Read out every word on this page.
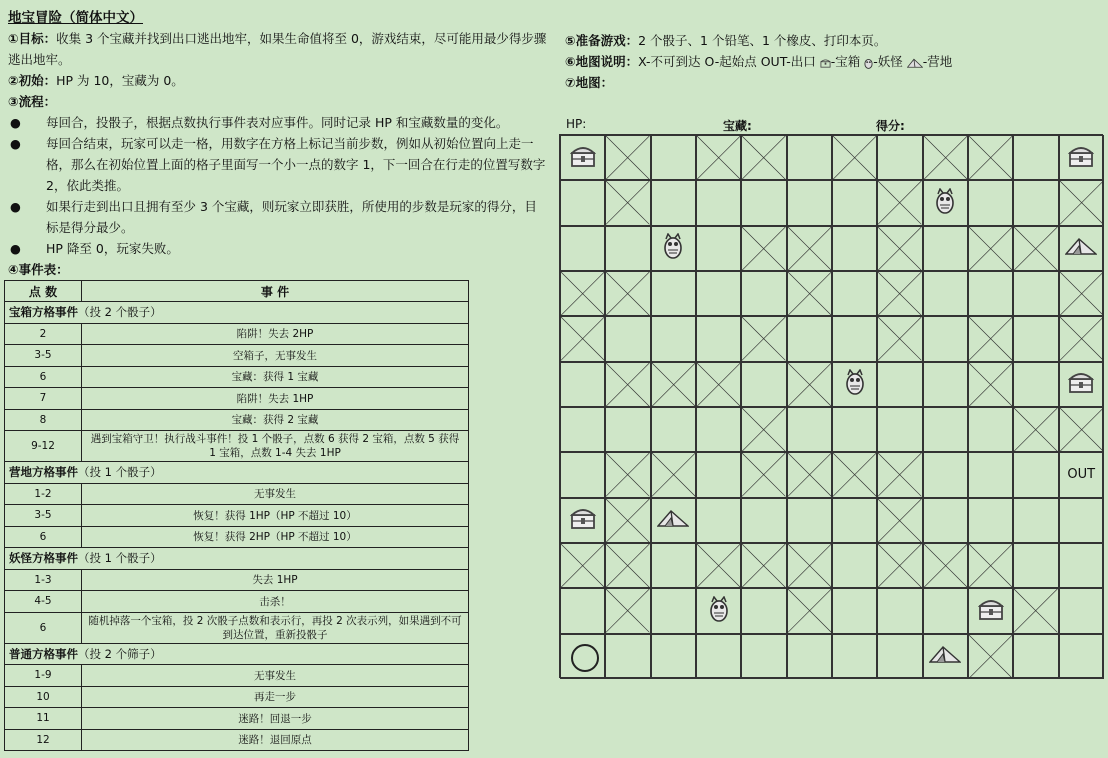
地宝冒险（简体中文）
①目标：收集 3 个宝藏并找到出口逃出地牢，如果生命值将至 0，游戏结束，尽可能用最少得步骤逃出地牢。
②初始：HP 为 10，宝藏为 0。
③流程：
●	每回合，投骰子，根据点数执行事件表对应事件。同时记录 HP 和宝藏数量的变化。
●	每回合结束，玩家可以走一格，用数字在方格上标记当前步数，例如从初始位置向上走一格，那么在初始位置上面的格子里面写一个小一点的数字 1，下一回合在行走的位置写数字 2，依此类推。
●	如果行走到出口且拥有至少 3 个宝藏，则玩家立即获胜，所使用的步数是玩家的得分，目标是得分最少。
●	HP 降至 0，玩家失败。
④事件表：
点 数	事 件
宝箱方格事件（投 2 个骰子）	
2	陷阱！失去 2HP
3-5	空箱子，无事发生
6	宝藏：获得 1 宝藏
7	陷阱！失去 1HP
8	宝藏：获得 2 宝藏
9-12	遇到宝箱守卫！执行战斗事件！投 1 个骰子，点数 6 获得 2 宝箱，点数 5 获得 1 宝箱，点数 1-4 失去 1HP
营地方格事件（投 1 个骰子）	
1-2	无事发生
3-5	恢复！获得 1HP（HP 不超过 10）
6	恢复！获得 2HP（HP 不超过 10）
妖怪方格事件（投 1 个骰子）	
1-3	失去 1HP
4-5	击杀！
6	随机掉落一个宝箱，投 2 次骰子点数和表示行，再投 2 次表示列，如果遇到不可到达位置，重新投骰子
普通方格事件（投 2 个筛子）	
1-9	无事发生
10	再走一步
11	迷路！回退一步
12	迷路！退回原点
⑤准备游戏：2 个骰子、1 个铅笔、1 个橡皮、打印本页。
⑥地图说明：X-不可到达 O-起始点 OUT-出口 -宝箱 -妖怪 -营地
⑦地图：
HP:	宝藏:	得分:
OUT
